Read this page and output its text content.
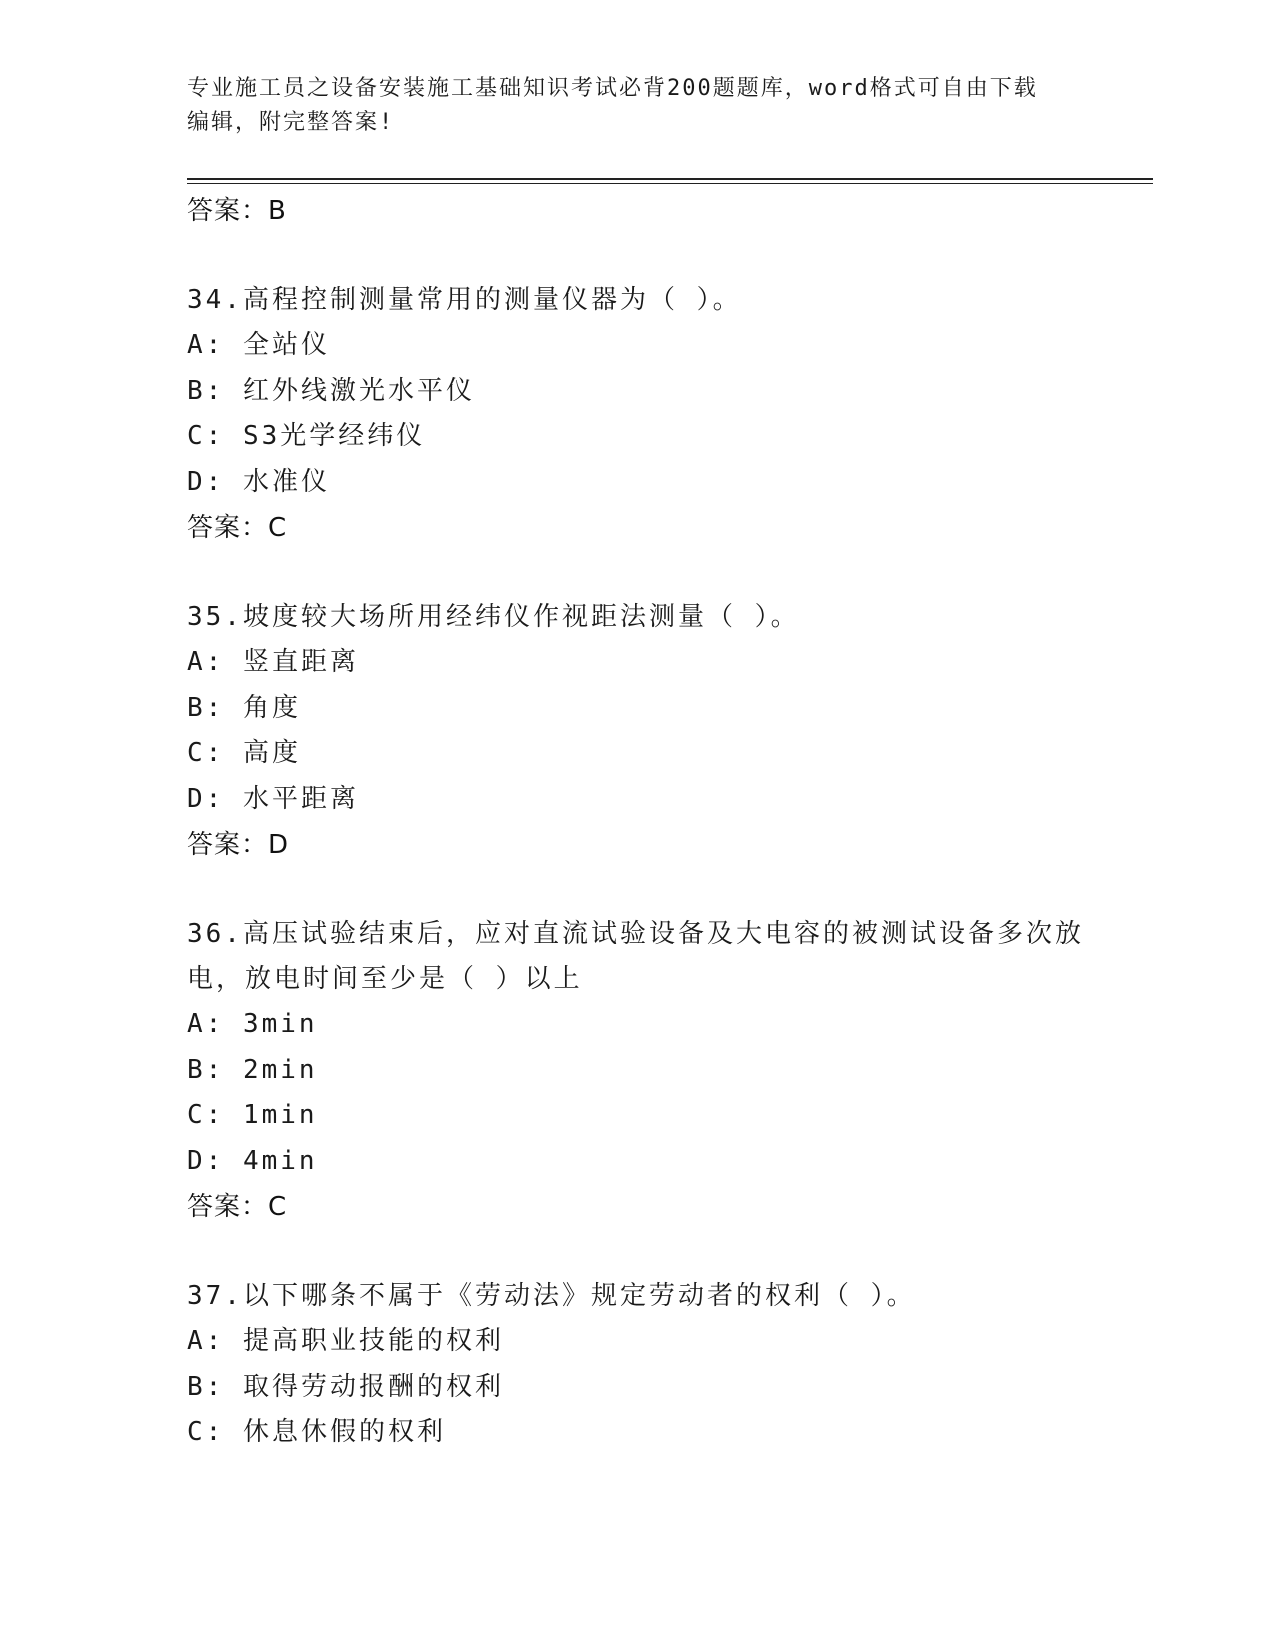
专业施工员之设备安装施工基础知识考试必背200题题库，word格式可自由下载
编辑，附完整答案!
答案：B
34.高程控制测量常用的测量仪器为（ ）。
A: 全站仪
B: 红外线激光水平仪
C: S3光学经纬仪
D: 水准仪
答案：C
35.坡度较大场所用经纬仪作视距法测量（ ）。
A: 竖直距离
B: 角度
C: 高度
D: 水平距离
答案：D
36.高压试验结束后，应对直流试验设备及大电容的被测试设备多次放
电，放电时间至少是（ ）以上
A: 3min
B: 2min
C: 1min
D: 4min
答案：C
37.以下哪条不属于《劳动法》规定劳动者的权利（ ）。
A: 提高职业技能的权利
B: 取得劳动报酬的权利
C: 休息休假的权利
